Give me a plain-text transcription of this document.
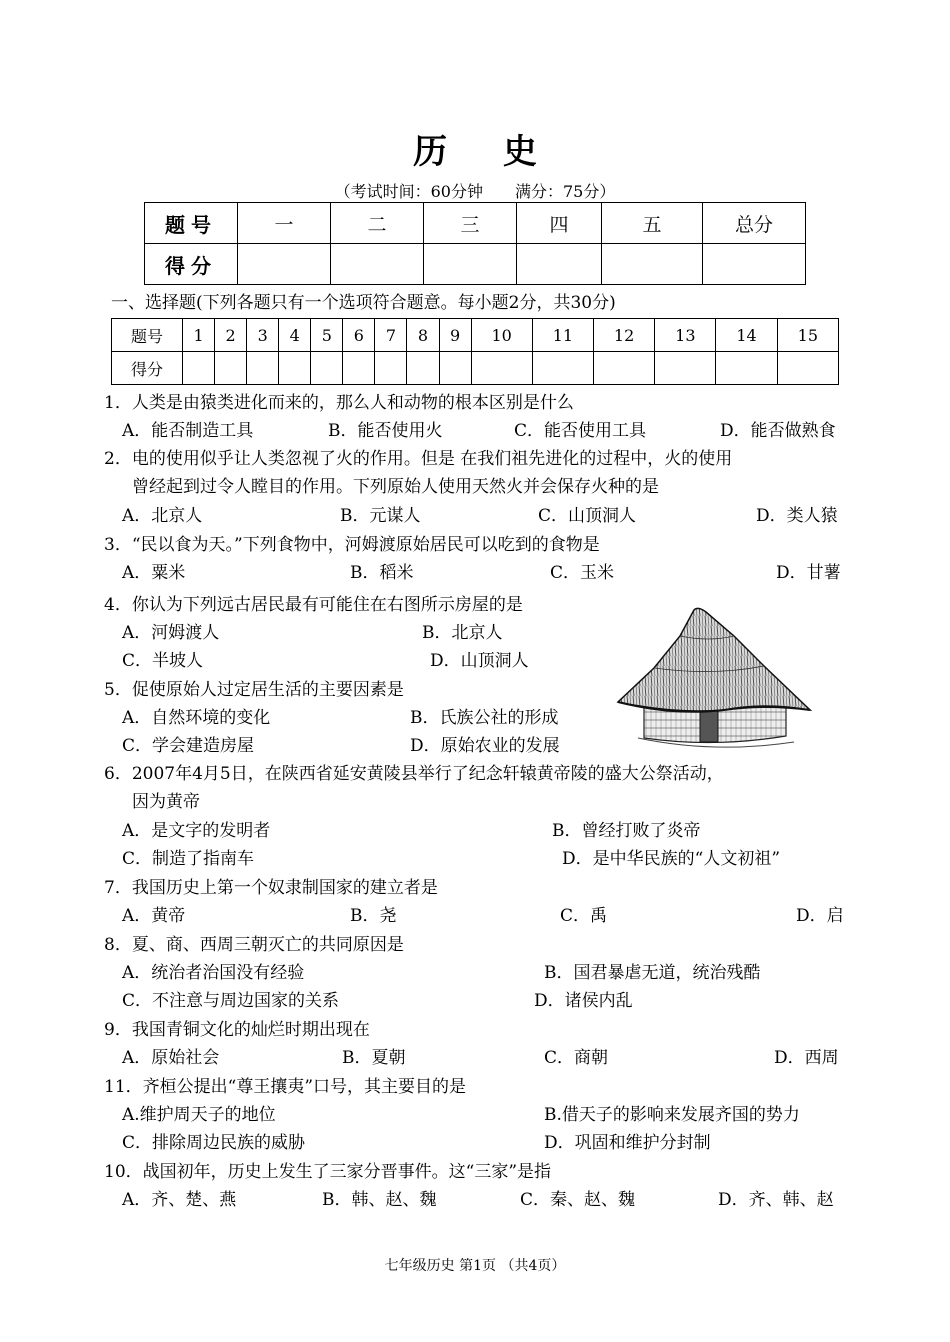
历 史
（考试时间：60分钟　　满分：75分）
题号	一	二	三	四	五	总分
得分						
一、选择题(下列各题只有一个选项符合题意。每小题2分，共30分)
题号	1	2	3	4	5	6	7	8	9	10	11	12	13	14	15
得分															
1．人类是由猿类进化而来的，那么人和动物的根本区别是什么
A．能否制造工具	B．能否使用火	C．能否使用工具	D．能否做熟食
2．电的使用似乎让人类忽视了火的作用。但是 在我们祖先进化的过程中，火的使用
曾经起到过令人瞠目的作用。下列原始人使用天然火并会保存火种的是
A．北京人	B．元谋人	C．山顶洞人	D．类人猿
3．“民以食为天。”下列食物中，河姆渡原始居民可以吃到的食物是
A．粟米	B．稻米	C．玉米	D．甘薯
4．你认为下列远古居民最有可能住在右图所示房屋的是
A．河姆渡人	B．北京人
C．半坡人	D．山顶洞人
5．促使原始人过定居生活的主要因素是
A．自然环境的变化	B．氏族公社的形成
C．学会建造房屋	D．原始农业的发展
6．2007年4月5日，在陕西省延安黄陵县举行了纪念轩辕黄帝陵的盛大公祭活动，
因为黄帝
A．是文字的发明者	B．曾经打败了炎帝
C．制造了指南车	D．是中华民族的“人文初祖”
7．我国历史上第一个奴隶制国家的建立者是
A．黄帝	B．尧	C．禹	D．启
8．夏、商、西周三朝灭亡的共同原因是
A．统治者治国没有经验	B．国君暴虐无道，统治残酷
C．不注意与周边国家的关系	D．诸侯内乱
9．我国青铜文化的灿烂时期出现在
A．原始社会	B．夏朝	C．商朝	D．西周
11．齐桓公提出“尊王攘夷”口号，其主要目的是
A.维护周天子的地位	B.借天子的影响来发展齐国的势力
C．排除周边民族的威胁	D．巩固和维护分封制
10．战国初年，历史上发生了三家分晋事件。这“三家”是指
A．齐、楚、燕	B．韩、赵、魏	C．秦、赵、魏	D．齐、韩、赵
七年级历史 第1页 （共4页）
